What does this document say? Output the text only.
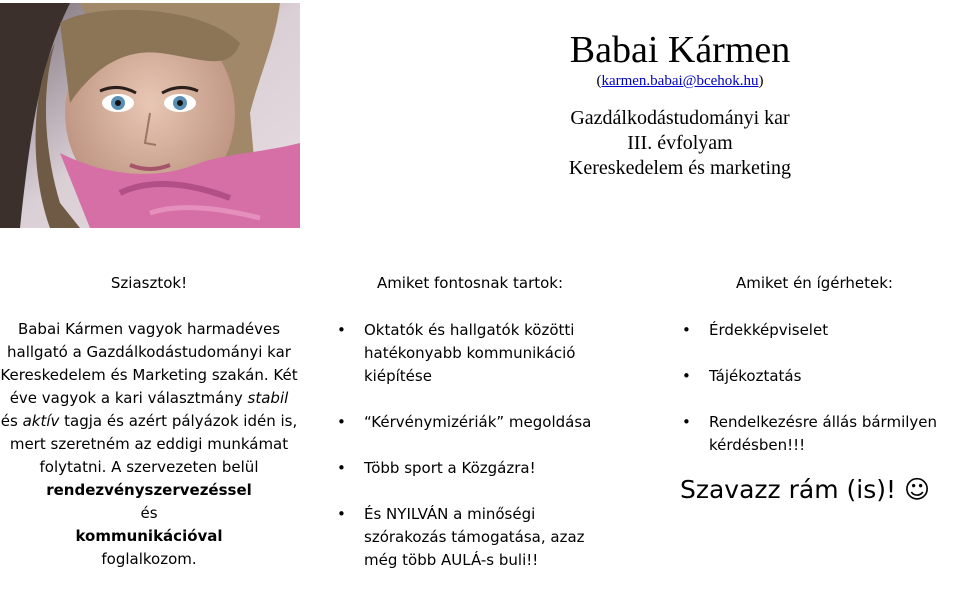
Babai Kármen
(karmen.babai@bcehok.hu)
Gazdálkodástudományi kar
III. évfolyam
Kereskedelem és marketing
Sziasztok!
Babai Kármen vagyok harmadéves hallgató a Gazdálkodástudományi kar Kereskedelem és Marketing szakán. Két éve vagyok a kari választmány stabil és aktív tagja és azért pályázok idén is, mert szeretném az eddigi munkámat folytatni. A szervezeten belül
rendezvényszervezéssel
és
kommunikációval
foglalkozom.
Amiket fontosnak tartok:
• Oktatók és hallgatók közötti hatékonyabb kommunikáció kiépítése
• “Kérvénymizériák” megoldása
• Több sport a Közgázra!
• És NYILVÁN a minőségi szórakozás támogatása, azaz még több AULÁ-s buli!!
Amiket én ígérhetek:
• Érdekképviselet
• Tájékoztatás
• Rendelkezésre állás bármilyen kérdésben!!!
Szavazz rám (is)! ☺
